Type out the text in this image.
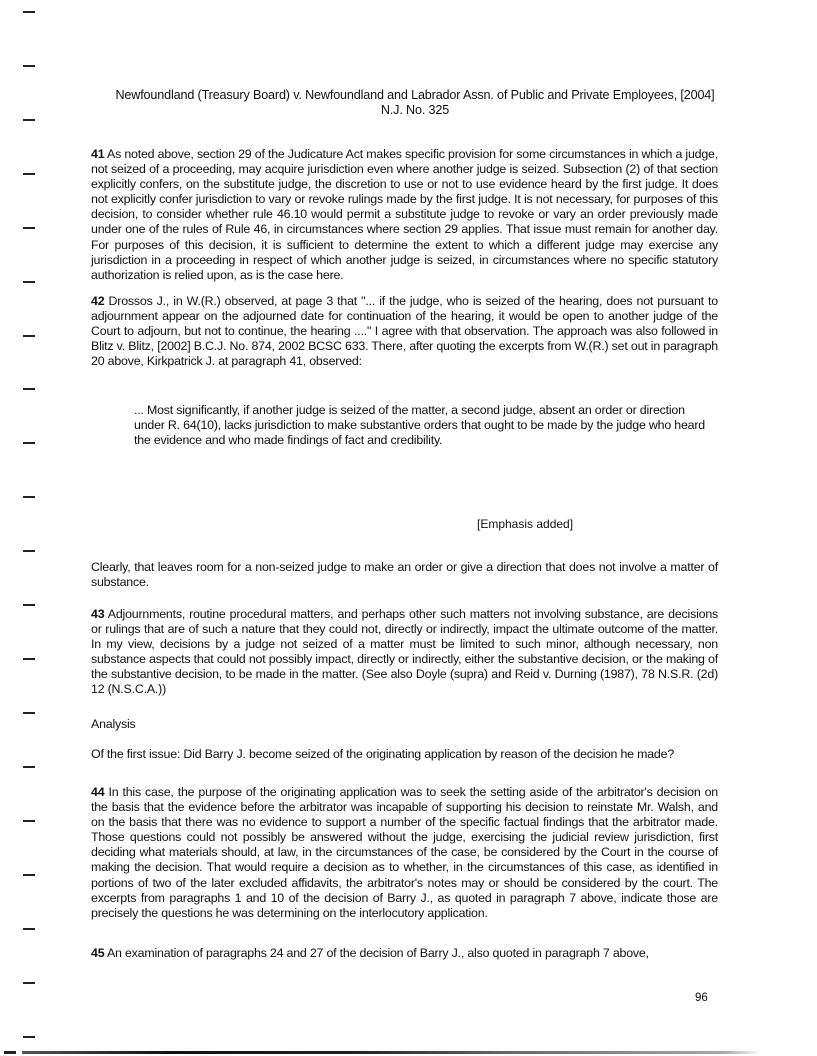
Newfoundland (Treasury Board) v. Newfoundland and Labrador Assn. of Public and Private Employees, [2004]
N.J. No. 325
41 As noted above, section 29 of the Judicature Act makes specific provision for some circumstances in which a judge, not seized of a proceeding, may acquire jurisdiction even where another judge is seized. Subsection (2) of that section explicitly confers, on the substitute judge, the discretion to use or not to use evidence heard by the first judge. It does not explicitly confer jurisdiction to vary or revoke rulings made by the first judge. It is not necessary, for purposes of this decision, to consider whether rule 46.10 would permit a substitute judge to revoke or vary an order previously made under one of the rules of Rule 46, in circumstances where section 29 applies. That issue must remain for another day. For purposes of this decision, it is sufficient to determine the extent to which a different judge may exercise any jurisdiction in a proceeding in respect of which another judge is seized, in circumstances where no specific statutory authorization is relied upon, as is the case here.
42 Drossos J., in W.(R.) observed, at page 3 that "... if the judge, who is seized of the hearing, does not pursuant to adjournment appear on the adjourned date for continuation of the hearing, it would be open to another judge of the Court to adjourn, but not to continue, the hearing ...." I agree with that observation. The approach was also followed in Blitz v. Blitz, [2002] B.C.J. No. 874, 2002 BCSC 633. There, after quoting the excerpts from W.(R.) set out in paragraph 20 above, Kirkpatrick J. at paragraph 41, observed:
... Most significantly, if another judge is seized of the matter, a second judge, absent an order or direction under R. 64(10), lacks jurisdiction to make substantive orders that ought to be made by the judge who heard the evidence and who made findings of fact and credibility.
[Emphasis added]
Clearly, that leaves room for a non-seized judge to make an order or give a direction that does not involve a matter of substance.
43 Adjournments, routine procedural matters, and perhaps other such matters not involving substance, are decisions or rulings that are of such a nature that they could not, directly or indirectly, impact the ultimate outcome of the matter. In my view, decisions by a judge not seized of a matter must be limited to such minor, although necessary, non substance aspects that could not possibly impact, directly or indirectly, either the substantive decision, or the making of the substantive decision, to be made in the matter. (See also Doyle (supra) and Reid v. Durning (1987), 78 N.S.R. (2d) 12 (N.S.C.A.))
Analysis
Of the first issue: Did Barry J. become seized of the originating application by reason of the decision he made?
44 In this case, the purpose of the originating application was to seek the setting aside of the arbitrator's decision on the basis that the evidence before the arbitrator was incapable of supporting his decision to reinstate Mr. Walsh, and on the basis that there was no evidence to support a number of the specific factual findings that the arbitrator made. Those questions could not possibly be answered without the judge, exercising the judicial review jurisdiction, first deciding what materials should, at law, in the circumstances of the case, be considered by the Court in the course of making the decision. That would require a decision as to whether, in the circumstances of this case, as identified in portions of two of the later excluded affidavits, the arbitrator's notes may or should be considered by the court. The excerpts from paragraphs 1 and 10 of the decision of Barry J., as quoted in paragraph 7 above, indicate those are precisely the questions he was determining on the interlocutory application.
45 An examination of paragraphs 24 and 27 of the decision of Barry J., also quoted in paragraph 7 above,
96
